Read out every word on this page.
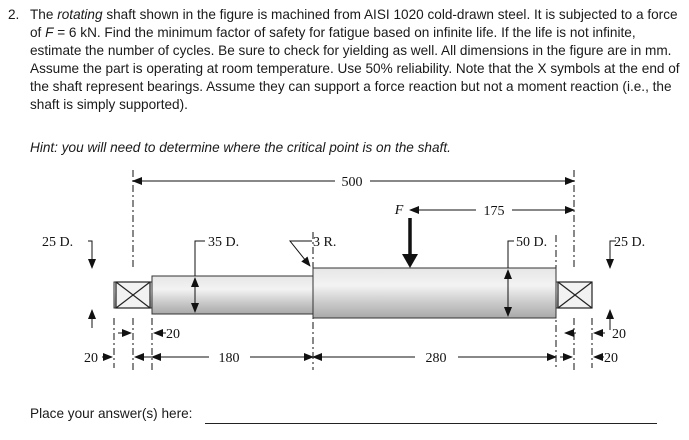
2. The rotating shaft shown in the figure is machined from AISI 1020 cold-drawn steel. It is subjected to a force of F = 6 kN. Find the minimum factor of safety for fatigue based on infinite life. If the life is not infinite, estimate the number of cycles. Be sure to check for yielding as well. All dimensions in the figure are in mm. Assume the part is operating at room temperature. Use 50% reliability. Note that the X symbols at the end of the shaft represent bearings. Assume they can support a force reaction but not a moment reaction (i.e., the shaft is simply supported).
Hint: you will need to determine where the critical point is on the shaft.
500
F	175
25 D.	35 D.	3 R.	50 D.	25 D.
20
20	180	280
20
20
Place your answer(s) here:
